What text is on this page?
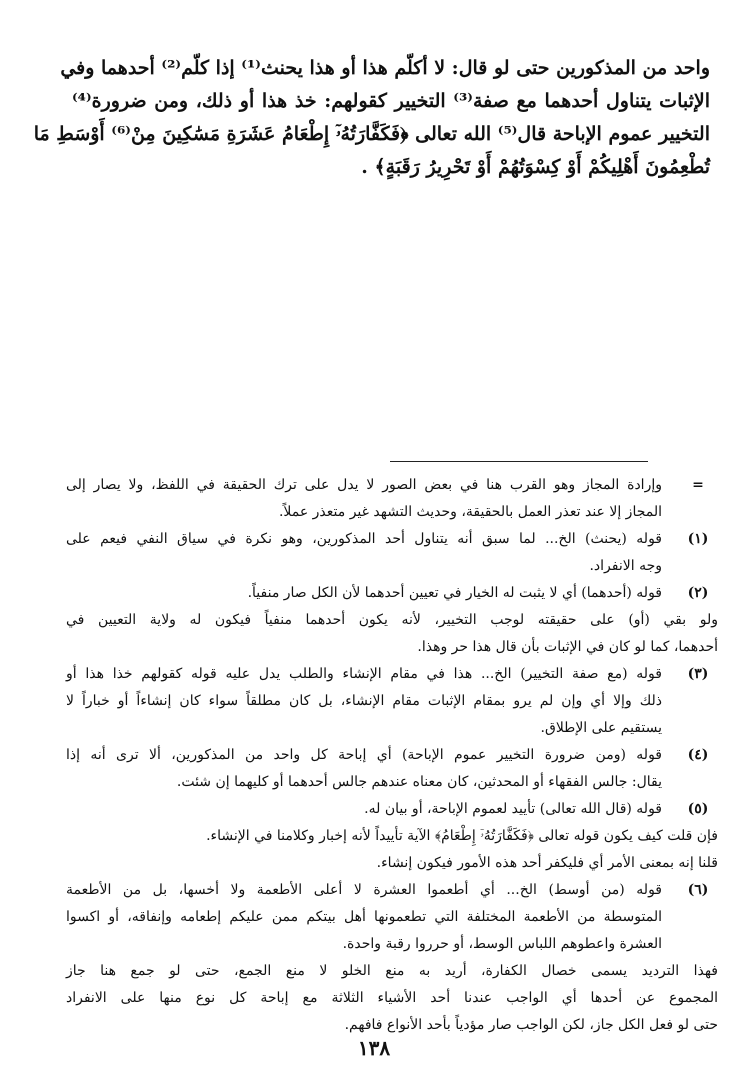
واحد من المذكورين حتى لو قال: لا أكلّم هذا أو هذا يحنث⁽¹⁾ إذا كلّم⁽²⁾ أحدهما وفي
الإثبات يتناول أحدهما مع صفة⁽³⁾ التخيير كقولهم: خذ هذا أو ذلك، ومن ضرورة⁽⁴⁾
التخيير عموم الإباحة قال⁽⁵⁾ الله تعالى ﴿فَكَفَّارَتُهُۥٓ إِطْعَامُ عَشَرَةِ مَسَٰكِينَ مِنْ⁽⁶⁾ أَوْسَطِ مَا
تُطْعِمُونَ أَهْلِيكُمْ أَوْ كِسْوَتُهُمْ أَوْ تَحْرِيرُ رَقَبَةٍ﴾ .
=
وإرادة المجاز وهو القرب هنا في بعض الصور لا يدل على ترك الحقيقة في اللفظ، ولا يصار إلى
المجاز إلا عند تعذر العمل بالحقيقة، وحديث التشهد غير متعذر عملاً.
(١)
قوله (يحنث) الخ... لما سبق أنه يتناول أحد المذكورين، وهو نكرة في سياق النفي فيعم على
وجه الانفراد.
(٢)
قوله (أحدهما) أي لا يثبت له الخيار في تعيين أحدهما لأن الكل صار منفياً.
ولو بقي (أو) على حقيقته لوجب التخيير، لأنه يكون أحدهما منفياً فيكون له ولاية التعيين في
أحدهما، كما لو كان في الإثبات بأن قال هذا حر وهذا.
(٣)
قوله (مع صفة التخيير) الخ... هذا في مقام الإنشاء والطلب يدل عليه قوله كقولهم خذا هذا أو
ذلك وإلا أي وإن لم يرو بمقام الإثبات مقام الإنشاء، بل كان مطلقاً سواء كان إنشاءاً أو خباراً لا
يستقيم على الإطلاق.
(٤)
قوله (ومن ضرورة التخيير عموم الإباحة) أي إباحة كل واحد من المذكورين، ألا ترى أنه إذا
يقال: جالس الفقهاء أو المحدثين، كان معناه عندهم جالس أحدهما أو كليهما إن شئت.
(٥)
قوله (قال الله تعالى) تأييد لعموم الإباحة، أو بيان له.
فإن قلت كيف يكون قوله تعالى ﴿فَكَفَّارَتُهُۥٓ إِطْعَامُ﴾ الآية تأييداً لأنه إخبار وكلامنا في الإنشاء.
قلنا إنه بمعنى الأمر أي فليكفر أحد هذه الأمور فيكون إنشاء.
(٦)
قوله (من أوسط) الخ... أي أطعموا العشرة لا أعلى الأطعمة ولا أخسها، بل من الأطعمة
المتوسطة من الأطعمة المختلفة التي تطعمونها أهل بيتكم ممن عليكم إطعامه وإنفاقه، أو اكسوا
العشرة واعطوهم اللباس الوسط، أو حرروا رقبة واحدة.
فهذا الترديد يسمى خصال الكفارة، أريد به منع الخلو لا منع الجمع، حتى لو جمع هنا جاز
المجموع عن أحدها أي الواجب عندنا أحد الأشياء الثلاثة مع إباحة كل نوع منها على الانفراد
حتى لو فعل الكل جاز، لكن الواجب صار مؤدياً بأحد الأنواع فافهم.
١٣٨
